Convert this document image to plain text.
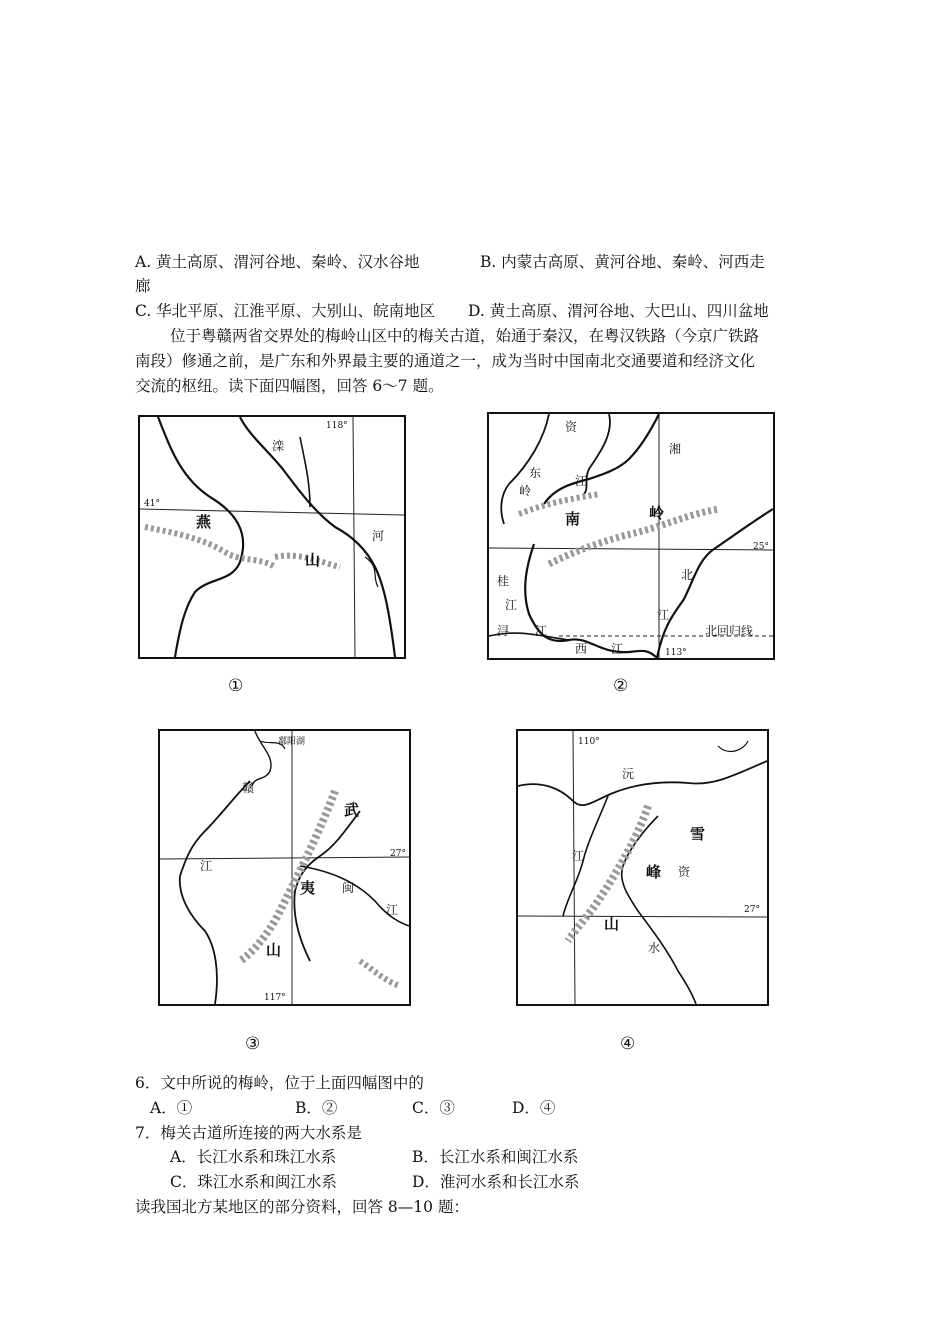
A. 黄土高原、渭河谷地、秦岭、汉水谷地	B. 内蒙古高原、黄河谷地、秦岭、河西走
廊
C. 华北平原、江淮平原、大别山、皖南地区 D. 黄土高原、渭河谷地、大巴山、四川盆地
位于粤赣两省交界处的梅岭山区中的梅关古道，始通于秦汉，在粤汉铁路（今京广铁路
南段）修通之前，是广东和外界最主要的通道之一，成为当时中国南北交通要道和经济文化
交流的枢纽。读下面四幅图，回答 6～7 题。
118°
41°
滦
河
燕
山
①
资
湘
江
东
岭
南	岭
25°
桂
江
浔 江
西 江
北
江
北回归线
113°
②
鄱阳湖
赣
江
武
夷
山
闽
江
27°
117°
③
110°
沅
江
雪
峰
山
资
水
27°
④
6．文中所说的梅岭，位于上面四幅图中的
A．①	B．②	C．③	D．④
7．梅关古道所连接的两大水系是
A．长江水系和珠江水系	B．长江水系和闽江水系
C．珠江水系和闽江水系	D．淮河水系和长江水系
读我国北方某地区的部分资料，回答 8—10 题：
